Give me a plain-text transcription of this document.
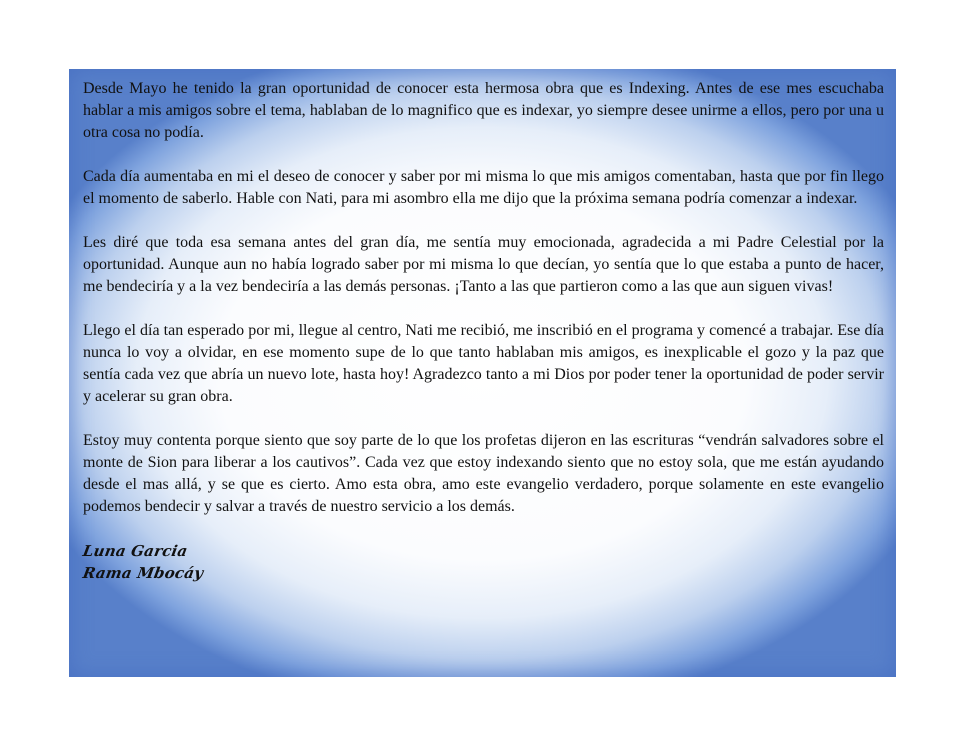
Desde Mayo he tenido la gran oportunidad de conocer esta hermosa obra que es Indexing. Antes de ese mes escuchaba hablar a mis amigos sobre el tema, hablaban de lo magnifico que es indexar, yo siempre desee unirme a ellos, pero por una u otra cosa no podía.

Cada día aumentaba en mi el deseo de conocer y saber por mi misma lo que mis amigos comentaban, hasta que por fin llego el momento de saberlo. Hable con Nati, para mi asombro ella me dijo que la próxima semana podría comenzar a indexar.

Les diré que toda esa semana antes del gran día, me sentía muy emocionada, agradecida a mi Padre Celestial por la oportunidad. Aunque aun no había logrado saber por mi misma lo que decían, yo sentía que lo que estaba a punto de hacer, me bendeciría y a la vez bendeciría a las demás personas. ¡Tanto a las que partieron como a las que aun siguen vivas!

Llego el día tan esperado por mi, llegue al centro, Nati me recibió, me inscribió en el programa y comencé a trabajar. Ese día nunca lo voy a olvidar, en ese momento supe de lo que tanto hablaban mis amigos, es inexplicable el gozo y la paz que sentía cada vez que abría un nuevo lote, hasta hoy! Agradezco tanto a mi Dios por poder tener la oportunidad de poder servir y acelerar su gran obra.

Estoy muy contenta porque siento que soy parte de lo que los profetas dijeron en las escrituras “vendrán salvadores sobre el monte de Sion para liberar a los cautivos”. Cada vez que estoy indexando siento que no estoy sola, que me están ayudando desde el mas allá, y se que es cierto. Amo esta obra, amo este evangelio verdadero, porque solamente en este evangelio podemos bendecir y salvar a través de nuestro servicio a los demás.

Luna Garcia
Rama Mbocáy
